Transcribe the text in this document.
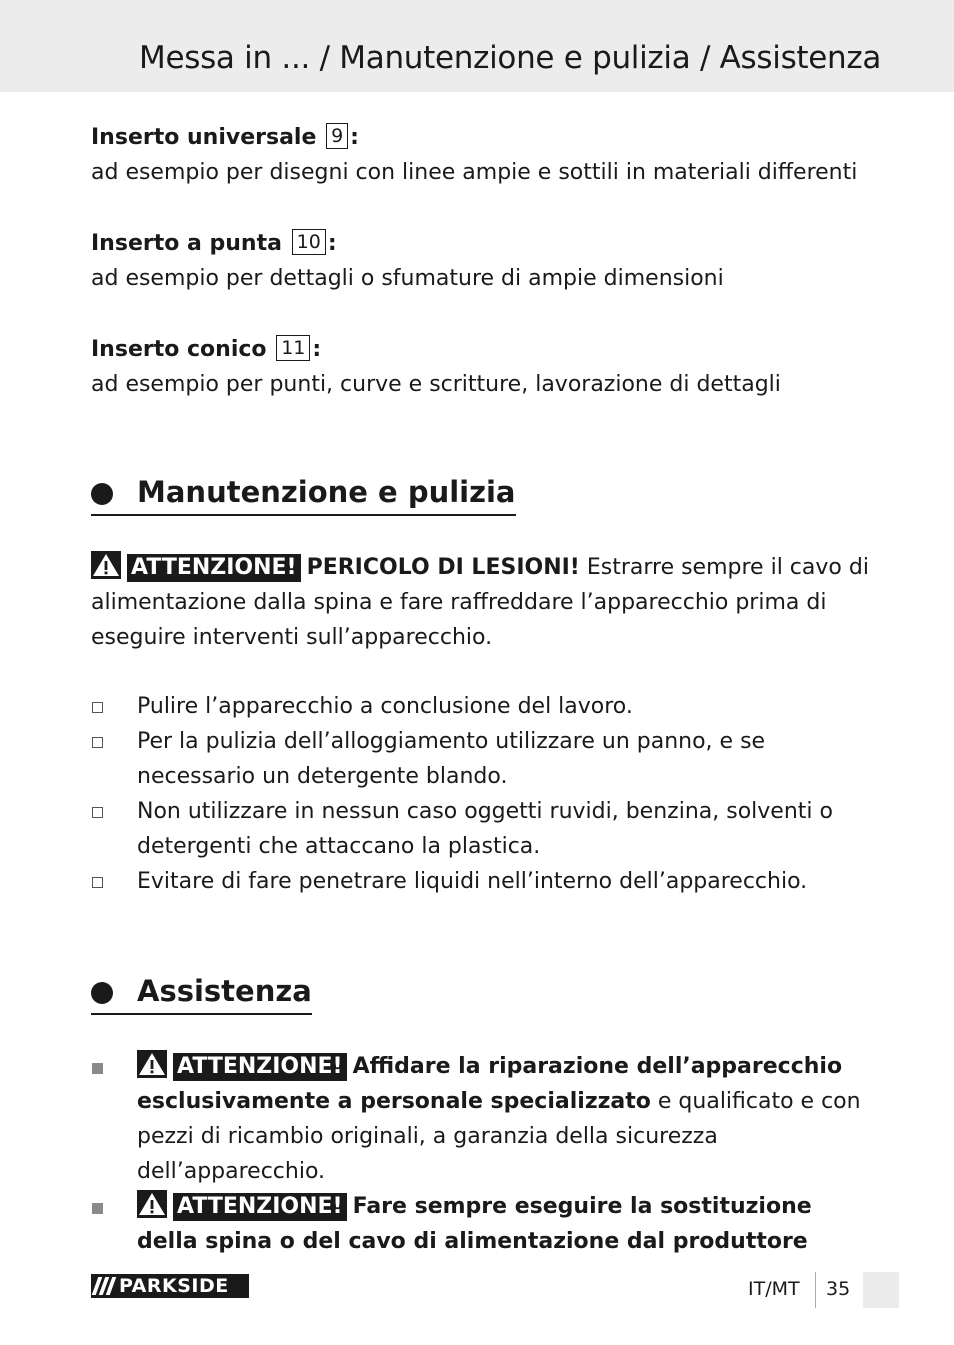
Messa in ... / Manutenzione e pulizia / Assistenza

Inserto universale 9 :

ad esempio per disegni con linee ampie e sottili in materiali differenti

Inserto a punta 10 :

ad esempio per dettagli o sfumature di ampie dimensioni

Inserto conico 11 :

ad esempio per punti, curve e scritture, lavorazione di dettagli

Manutenzione e pulizia

ATTENZIONE! PERICOLO DI LESIONI! Estrarre sempre il cavo di alimentazione dalla spina e fare raffreddare l’apparecchio prima di eseguire interventi sull’apparecchio.

Pulire l’apparecchio a conclusione del lavoro.
Per la pulizia dell’alloggiamento utilizzare un panno, e se necessario un detergente blando.
Non utilizzare in nessun caso oggetti ruvidi, benzina, solventi o detergenti che attaccano la plastica.
Evitare di fare penetrare liquidi nell’interno dell’apparecchio.
Assistenza
ATTENZIONE! Affidare la riparazione dell’apparecchio esclusivamente a personale specializzato e qualificato e con pezzi di ricambio originali, a garanzia della sicurezza dell’apparecchio.
ATTENZIONE! Fare sempre eseguire la sostituzione della spina o del cavo di alimentazione dal produttore
PARKSIDE	IT/MT 35
